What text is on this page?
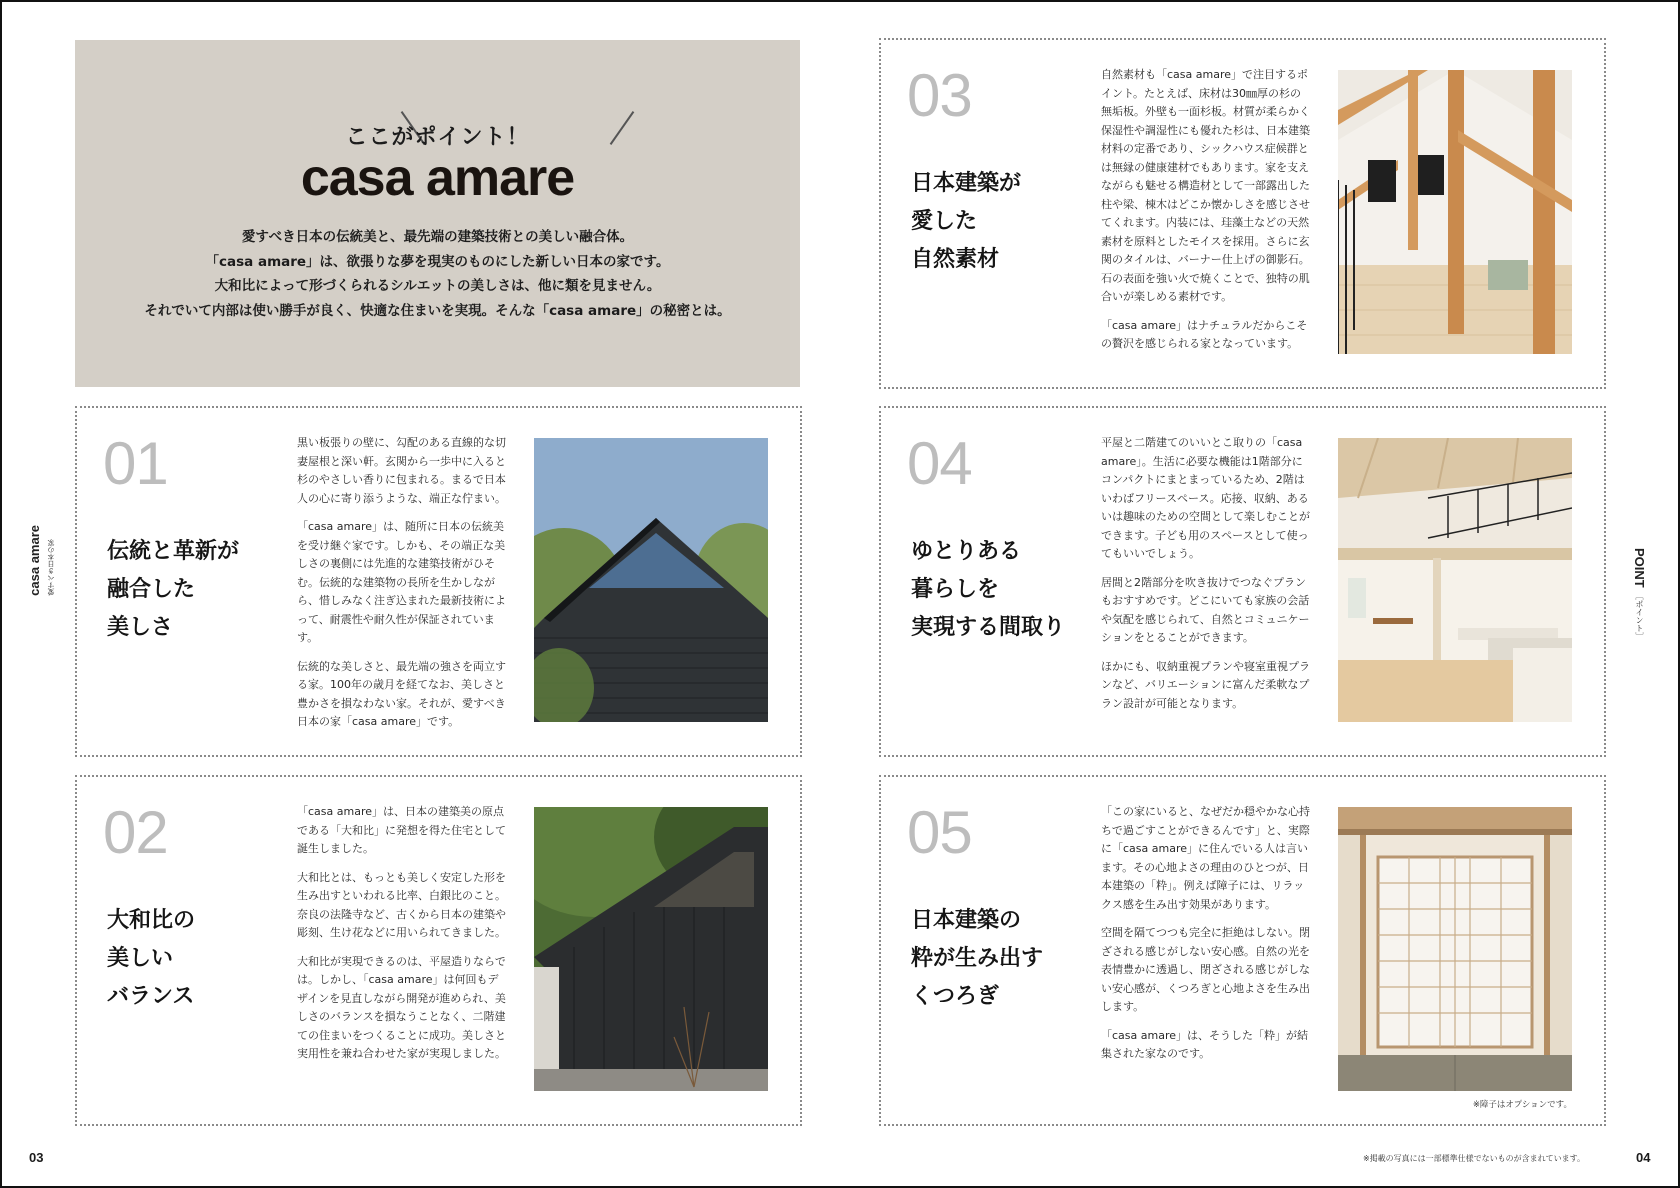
ここがポイント！
casa amare
愛すべき日本の伝統美と、最先端の建築技術との美しい融合体。
「casa amare」は、欲張りな夢を現実のものにした新しい日本の家です。
大和比によって形づくられるシルエットの美しさは、他に類を見ません。
それでいて内部は使い勝手が良く、快適な住まいを実現。そんな「casa amare」の秘密とは。
01
伝統と革新が
融合した
美しさ

黒い板張りの壁に、勾配のある直線的な切妻屋根と深い軒。玄関から一歩中に入ると杉のやさしい香りに包まれる。まるで日本人の心に寄り添うような、端正な佇まい。

「casa amare」は、随所に日本の伝統美を受け継ぐ家です。しかも、その端正な美しさの裏側には先進的な建築技術がひそむ。伝統的な建築物の長所を生かしながら、惜しみなく注ぎ込まれた最新技術によって、耐震性や耐久性が保証されています。

伝統的な美しさと、最先端の強さを両立する家。100年の歳月を経てなお、美しさと豊かさを損なわない家。それが、愛すべき日本の家「casa amare」です。

02
大和比の
美しい
バランス

「casa amare」は、日本の建築美の原点である「大和比」に発想を得た住宅として誕生しました。

大和比とは、もっとも美しく安定した形を生み出すといわれる比率、白銀比のこと。奈良の法隆寺など、古くから日本の建築や彫刻、生け花などに用いられてきました。

大和比が実現できるのは、平屋造りならでは。しかし、「casa amare」は何回もデザインを見直しながら開発が進められ、美しさのバランスを損なうことなく、二階建ての住まいをつくることに成功。美しさと実用性を兼ね合わせた家が実現しました。

03
日本建築が
愛した
自然素材

自然素材も「casa amare」で注目するポイント。たとえば、床材は30㎜厚の杉の無垢板。外壁も一面杉板。材質が柔らかく保湿性や調湿性にも優れた杉は、日本建築材料の定番であり、シックハウス症候群とは無縁の健康建材でもあります。家を支えながらも魅せる構造材として一部露出した柱や梁、棟木はどこか懐かしさを感じさせてくれます。内装には、珪藻土などの天然素材を原料としたモイスを採用。さらに玄関のタイルは、バーナー仕上げの御影石。石の表面を強い火で焼くことで、独特の肌合いが楽しめる素材です。

「casa amare」はナチュラルだからこその贅沢を感じられる家となっています。

04
ゆとりある
暮らしを
実現する間取り

平屋と二階建てのいいとこ取りの「casa amare」。生活に必要な機能は1階部分にコンパクトにまとまっているため、2階はいわばフリースペース。応接、収納、あるいは趣味のための空間として楽しむことができます。子ども用のスペースとして使ってもいいでしょう。

居間と2階部分を吹き抜けでつなぐプランもおすすめです。どこにいても家族の会話や気配を感じられて、自然とコミュニケーションをとることができます。

ほかにも、収納重視プランや寝室重視プランなど、バリエーションに富んだ柔軟なプラン設計が可能となります。

05
日本建築の
粋が生み出す
くつろぎ

「この家にいると、なぜだか穏やかな心持ちで過ごすことができるんです」と、実際に「casa amare」に住んでいる人は言います。その心地よさの理由のひとつが、日本建築の「粋」。例えば障子には、リラックス感を生み出す効果があります。

空間を隔てつつも完全に拒絶はしない。閉ざされる感じがしない安心感。自然の光を表情豊かに透過し、閉ざされる感じがしない安心感が、くつろぎと心地よさを生み出します。

「casa amare」は、そうした「粋」が結集された家なのです。

※障子はオプションです。
casa amare 愛すべき日本の家	POINT
［ポイント］
03	04
※掲載の写真には一部標準仕様でないものが含まれています。
